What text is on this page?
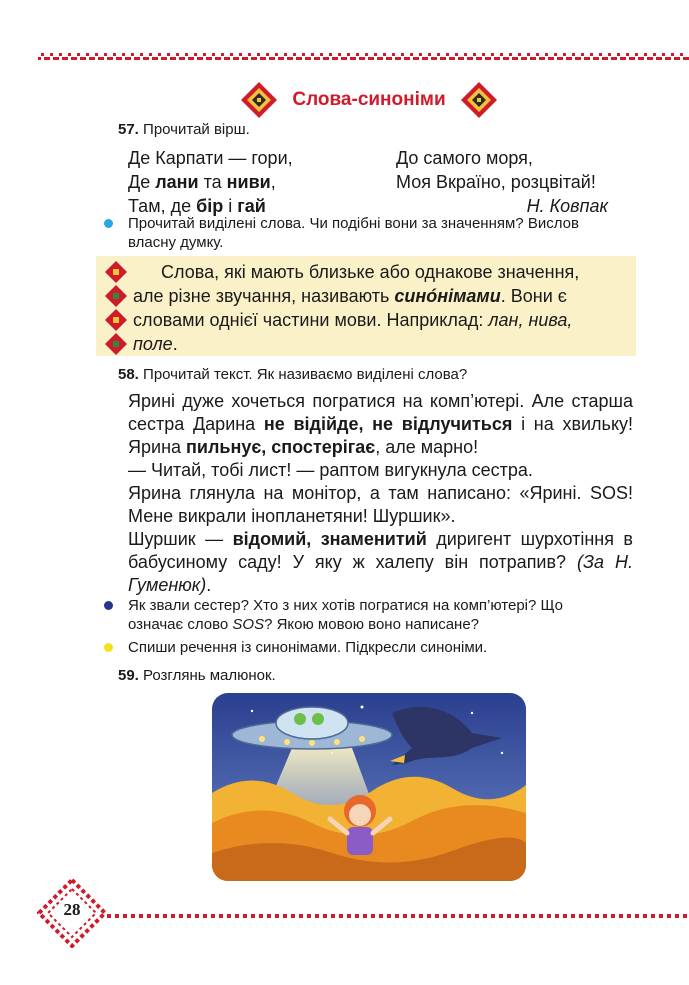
Слова-синоніми
57. Прочитай вірш.
Де Карпати — гори,
Де лани та ниви,
Там, де бір і гай
До самого моря,
Моя Вкраїно, розцвітай!
Н. Ковпак
Прочитай виділені слова. Чи подібні вони за значенням? Вислов
власну думку.
Слова, які мають близьке або однакове значення,
але різне звучання, називають синóнімами. Вони є
словами однієї частини мови. Наприклад: лан, нива,
поле.
58. Прочитай текст. Як називаємо виділені слова?
Ярині дуже хочеться погратися на комп’ютері. Але старша сестра Дарина не відійде, не відлучиться і на хвильку! Ярина пильнує, спостерігає, але марно!
— Читай, тобі лист! — раптом вигукнула сестра.
Ярина глянула на монітор, а там написано: «Ярині. SOS! Мене викрали інопланетяни! Шуршик».
Шуршик — відомий, знаменитий диригент шурхотіння в бабусиному саду! У яку ж халепу він потрапив? (За Н. Гуменюк).
Як звали сестер? Хто з них хотів погратися на комп’ютері? Що
означає слово SOS? Якою мовою воно написане?
Спиши речення із синонімами. Підкресли синоніми.
59. Розглянь малюнок.
28
